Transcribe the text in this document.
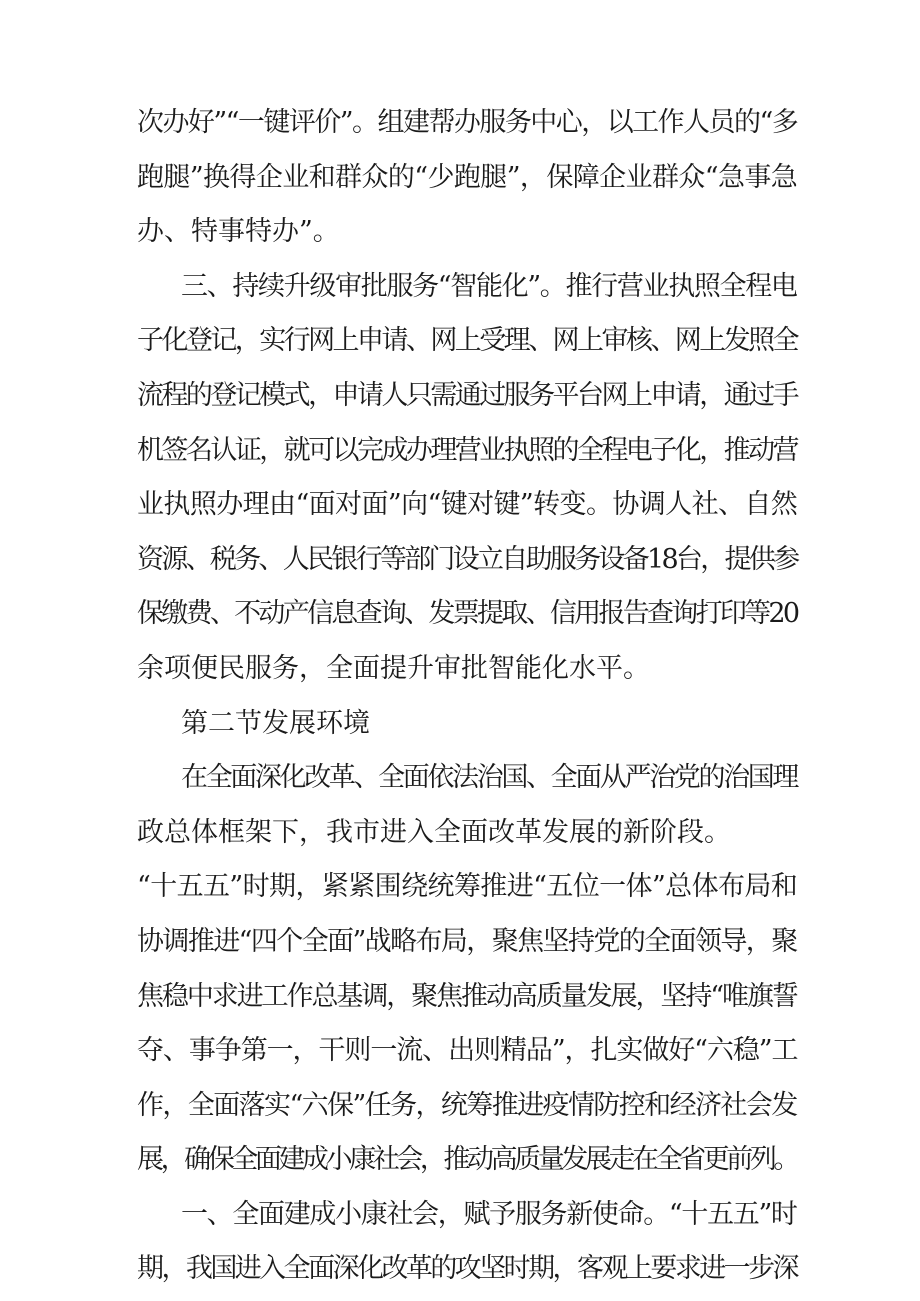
次办好”“一键评价”。组建帮办服务中心，以工作人员的“多
跑腿”换得企业和群众的“少跑腿”，保障企业群众“急事急
办、特事特办”。
三、持续升级审批服务“智能化”。推行营业执照全程电
子化登记，实行网上申请、网上受理、网上审核、网上发照全
流程的登记模式，申请人只需通过服务平台网上申请，通过手
机签名认证，就可以完成办理营业执照的全程电子化，推动营
业执照办理由“面对面”向“键对键”转变。协调人社、自然
资源、税务、人民银行等部门设立自助服务设备18台，提供参
保缴费、不动产信息查询、发票提取、信用报告查询打印等20
余项便民服务，全面提升审批智能化水平。
第二节发展环境
在全面深化改革、全面依法治国、全面从严治党的治国理
政总体框架下，我市进入全面改革发展的新阶段。
“十五五”时期，紧紧围绕统筹推进“五位一体”总体布局和
协调推进“四个全面”战略布局，聚焦坚持党的全面领导，聚
焦稳中求进工作总基调，聚焦推动高质量发展，坚持“唯旗誓
夺、事争第一，干则一流、出则精品”，扎实做好“六稳”工
作，全面落实“六保”任务，统筹推进疫情防控和经济社会发
展，确保全面建成小康社会，推动高质量发展走在全省更前列。
一、全面建成小康社会，赋予服务新使命。“十五五”时
期，我国进入全面深化改革的攻坚时期，客观上要求进一步深
